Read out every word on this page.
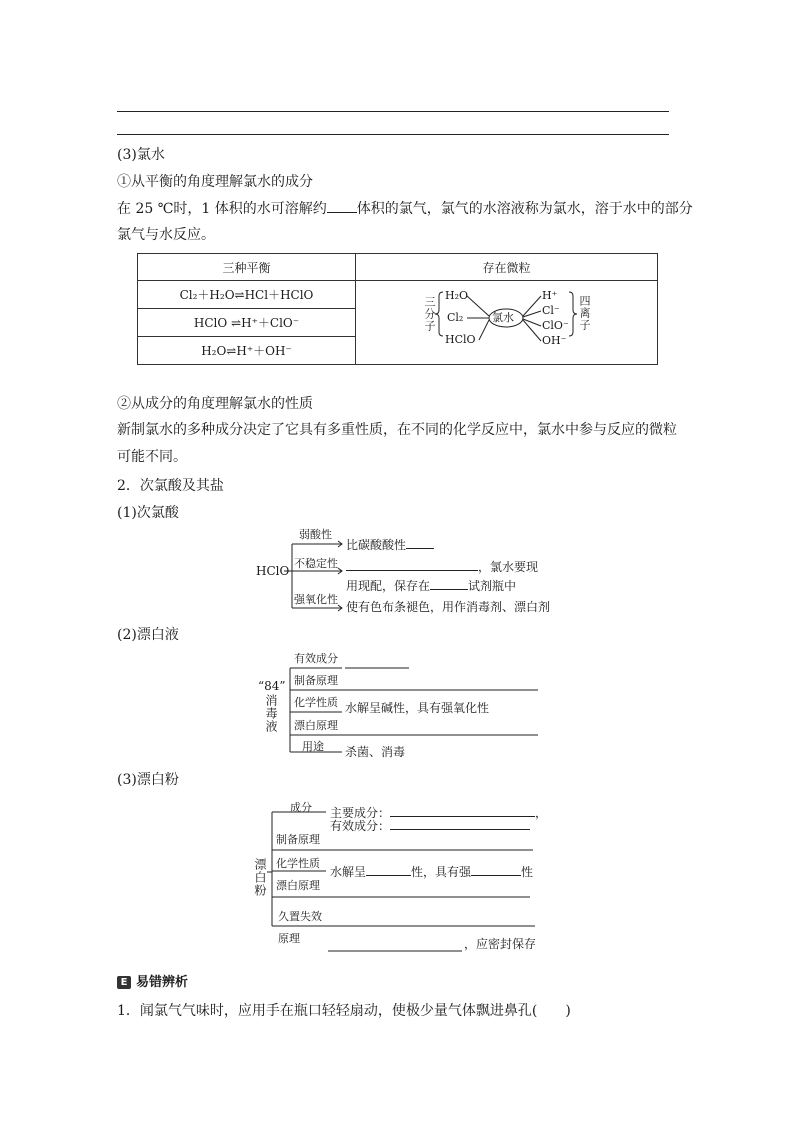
(3)氯水
①从平衡的角度理解氯水的成分
在 25 ℃时，1 体积的水可溶解约 体积的氯气，氯气的水溶液称为氯水，溶于水中的部分
氯气与水反应。
三种平衡	存在微粒
Cl₂＋H₂O⇌HCl＋HClO	
HClO ⇌H⁺＋ClO⁻	
H₂O⇌H⁺＋OH⁻	
三分子
H₂O
Cl₂
HClO
氯水
H⁺
Cl⁻
ClO⁻
OH⁻
四离子
②从成分的角度理解氯水的性质
新制氯水的多种成分决定了它具有多重性质，在不同的化学反应中，氯水中参与反应的微粒
可能不同。
2．次氯酸及其盐
(1)次氯酸
HClO
弱酸性
比碳酸酸性
不稳定性	，氯水要现
用现配，保存在	试剂瓶中
强氧化性
使有色布条褪色，用作消毒剂、漂白剂
(2)漂白液
“84”
消毒液
有效成分
制备原理
化学性质 水解呈碱性，具有强氧化性
漂白原理
用途 杀菌、消毒
(3)漂白粉
漂白粉
成分 主要成分：	，
有效成分：
制备原理
化学性质
水解呈	性，具有强	性
漂白原理
久置失效
原理	，应密封保存
E 易错辨析
1．闻氯气气味时，应用手在瓶口轻轻扇动，使极少量气体飘进鼻孔(　　)
